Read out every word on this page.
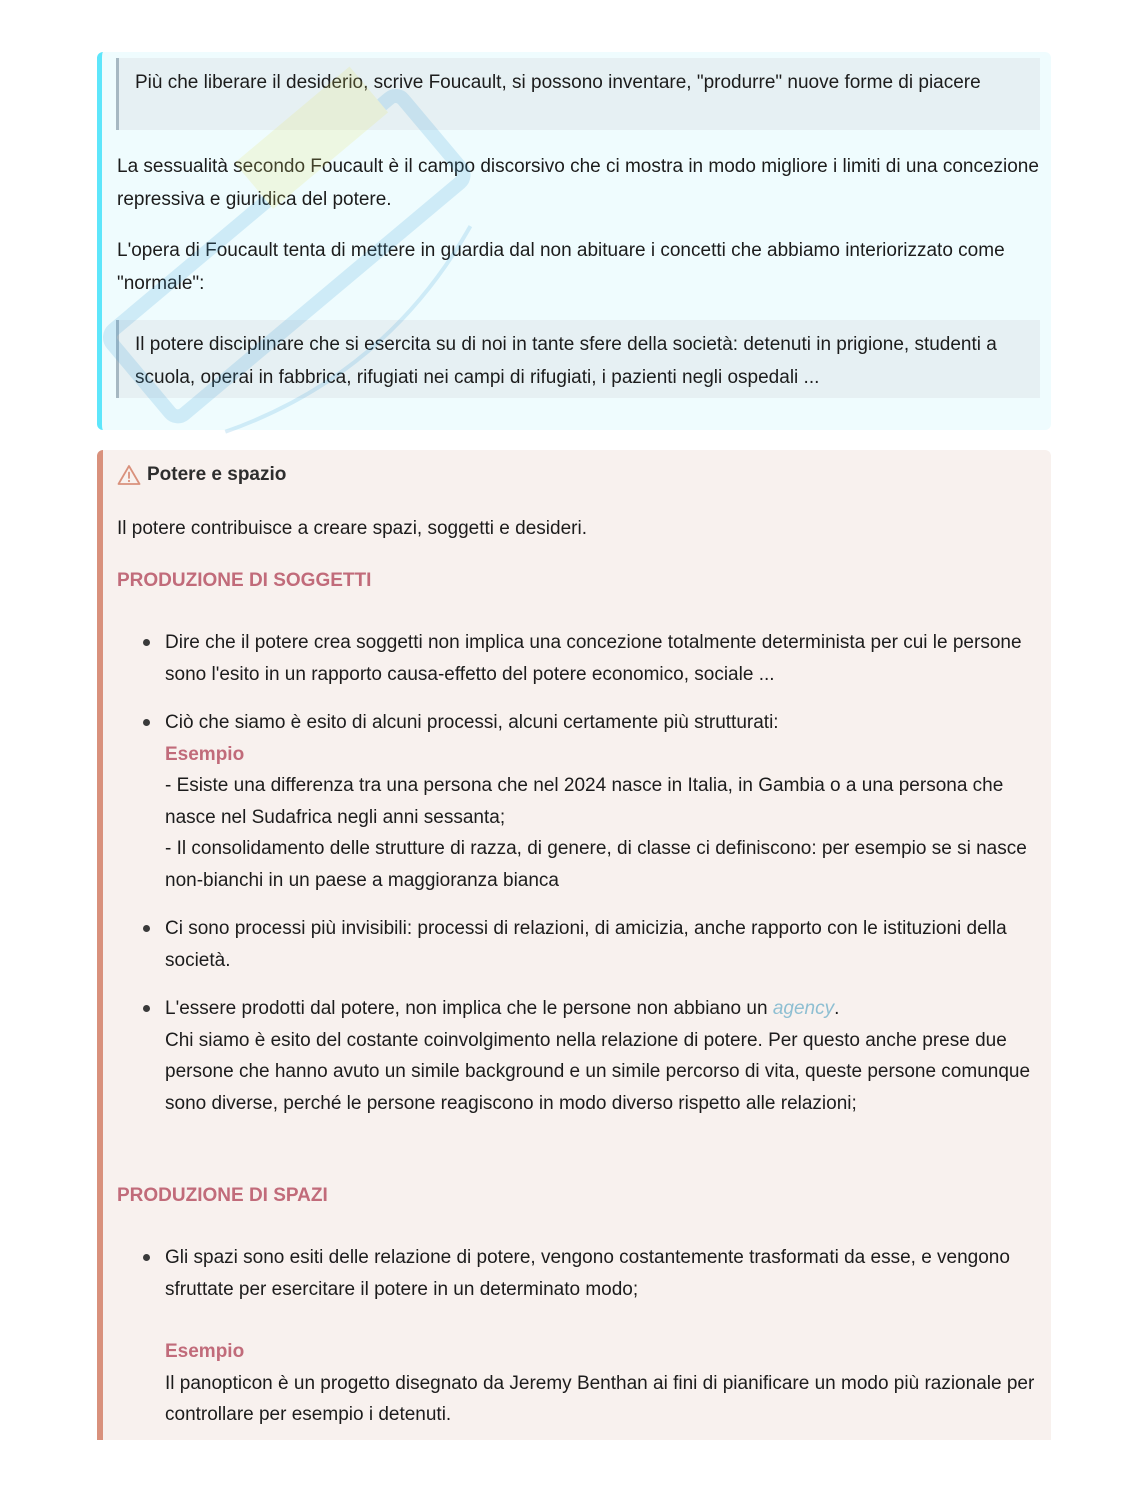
Più che liberare il desiderio, scrive Foucault, si possono inventare, "produrre" nuove forme di piacere
La sessualità secondo Foucault è il campo discorsivo che ci mostra in modo migliore i limiti di una concezione repressiva e giuridica del potere.
L'opera di Foucault tenta di mettere in guardia dal non abituare i concetti che abbiamo interiorizzato come "normale":
Il potere disciplinare che si esercita su di noi in tante sfere della società: detenuti in prigione, studenti a scuola, operai in fabbrica, rifugiati nei campi di rifugiati, i pazienti negli ospedali ...
Potere e spazio
Il potere contribuisce a creare spazi, soggetti e desideri.
PRODUZIONE DI SOGGETTI
Dire che il potere crea soggetti non implica una concezione totalmente determinista per cui le persone sono l'esito in un rapporto causa-effetto del potere economico, sociale ...
Ciò che siamo è esito di alcuni processi, alcuni certamente più strutturati:
Esempio
- Esiste una differenza tra una persona che nel 2024 nasce in Italia, in Gambia o a una persona che nasce nel Sudafrica negli anni sessanta;
- Il consolidamento delle strutture di razza, di genere, di classe ci definiscono: per esempio se si nasce non-bianchi in un paese a maggioranza bianca
Ci sono processi più invisibili: processi di relazioni, di amicizia, anche rapporto con le istituzioni della società.
L'essere prodotti dal potere, non implica che le persone non abbiano un agency.
Chi siamo è esito del costante coinvolgimento nella relazione di potere. Per questo anche prese due persone che hanno avuto un simile background e un simile percorso di vita, queste persone comunque sono diverse, perché le persone reagiscono in modo diverso rispetto alle relazioni;
PRODUZIONE DI SPAZI
Gli spazi sono esiti delle relazione di potere, vengono costantemente trasformati da esse, e vengono sfruttate per esercitare il potere in un determinato modo;
Esempio
Il panopticon è un progetto disegnato da Jeremy Benthan ai fini di pianificare un modo più razionale per controllare per esempio i detenuti.
